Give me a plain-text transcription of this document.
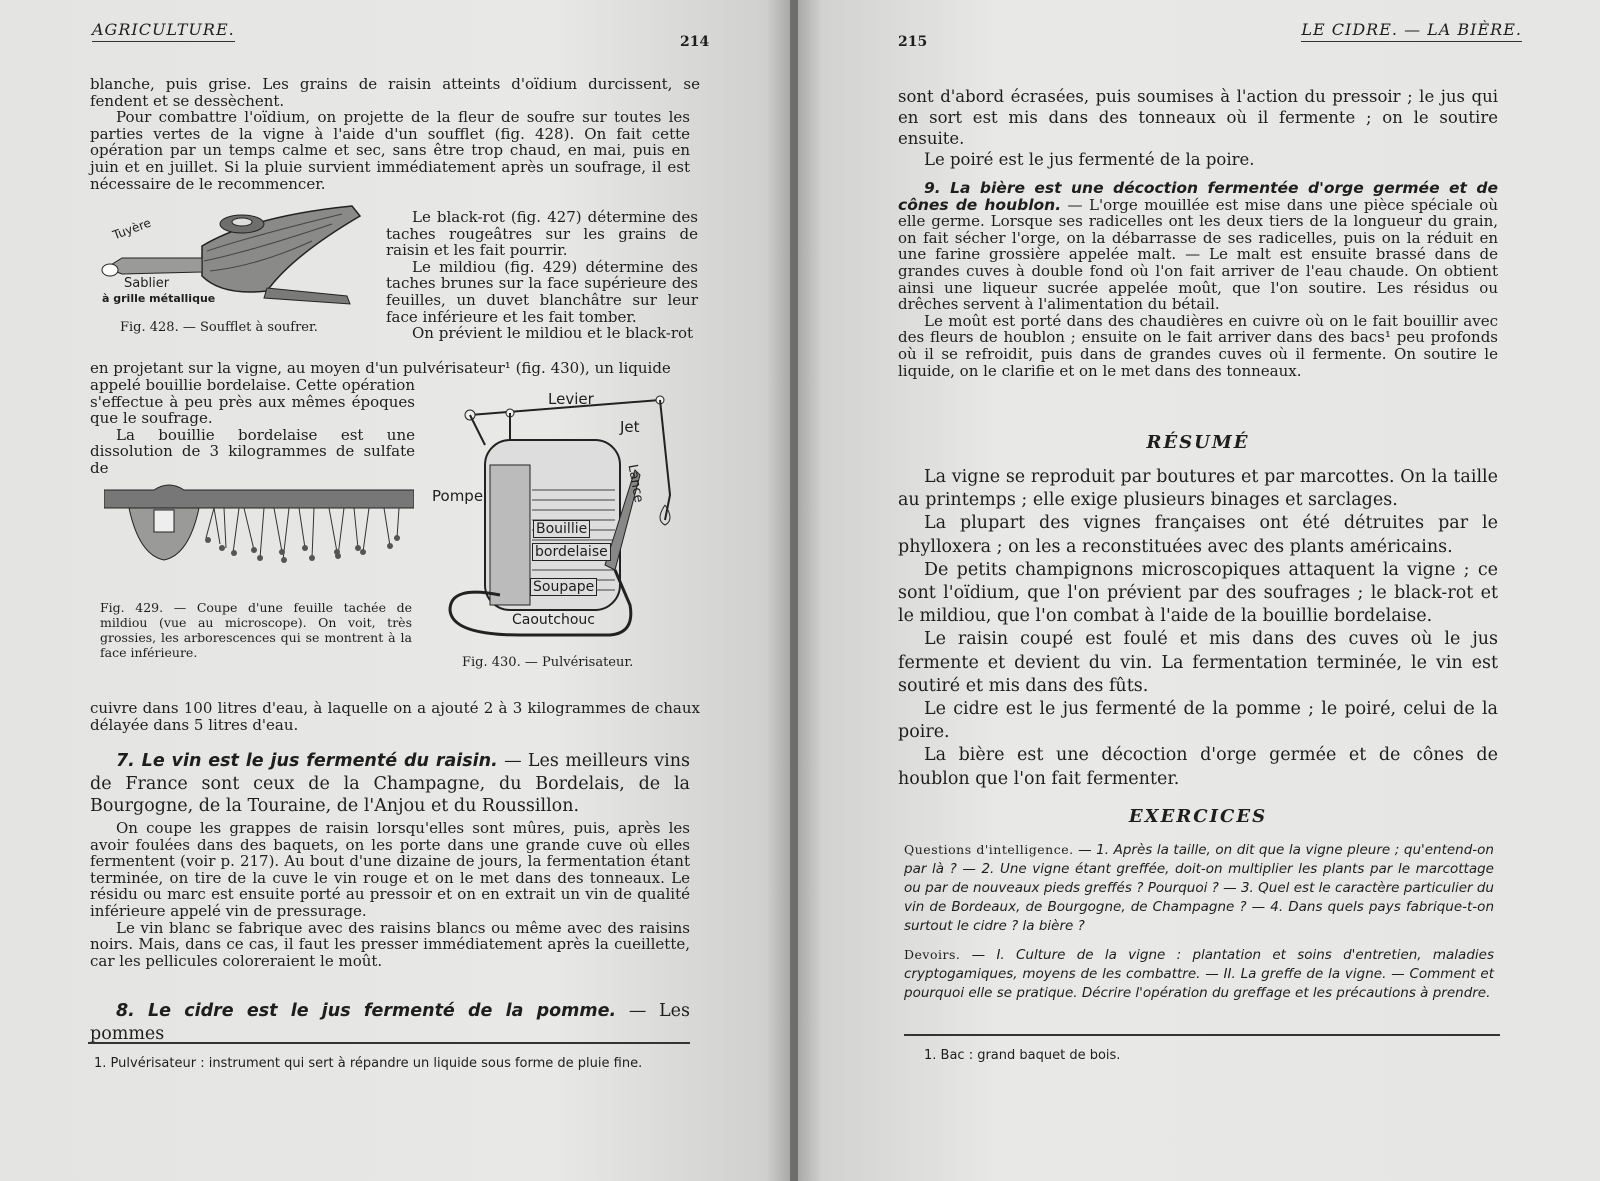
AGRICULTURE.
214

blanche, puis grise. Les grains de raisin atteints d'oïdium durcissent, se fendent et se dessèchent.

Pour combattre l'oïdium, on projette de la fleur de soufre sur toutes les parties vertes de la vigne à l'aide d'un soufflet (fig. 428). On fait cette opération par un temps calme et sec, sans être trop chaud, en mai, puis en juin et en juillet. Si la pluie survient immédiatement après un soufrage, il est nécessaire de le recommencer.

Tuyère
Sablier
à grille métallique
Fig. 428. — Soufflet à soufrer.

Le black-rot (fig. 427) détermine des taches rougeâtres sur les grains de raisin et les fait pourrir.

Le mildiou (fig. 429) détermine des taches brunes sur la face supérieure des feuilles, un duvet blanchâtre sur leur face inférieure et les fait tomber.

On prévient le mildiou et le black-rot

en projetant sur la vigne, au moyen d'un pulvérisateur¹ (fig. 430), un liquide

appelé bouillie bordelaise. Cette opération s'effectue à peu près aux mêmes époques que le soufrage.

La bouillie bordelaise est une dissolution de 3 kilogrammes de sulfate de

Fig. 429. — Coupe d'une feuille tachée de mildiou (vue au microscope). On voit, très grossies, les arborescences qui se montrent à la face inférieure.
Levier
Jet
Pompe	Lance
Bouillie
bordelaise
Soupape
Caoutchouc
Fig. 430. — Pulvérisateur.

cuivre dans 100 litres d'eau, à laquelle on a ajouté 2 à 3 kilogrammes de chaux délayée dans 5 litres d'eau.

7. Le vin est le jus fermenté du raisin. — Les meilleurs vins de France sont ceux de la Champagne, du Bordelais, de la Bourgogne, de la Touraine, de l'Anjou et du Roussillon.

On coupe les grappes de raisin lorsqu'elles sont mûres, puis, après les avoir foulées dans des baquets, on les porte dans une grande cuve où elles fermentent (voir p. 217). Au bout d'une dizaine de jours, la fermentation étant terminée, on tire de la cuve le vin rouge et on le met dans des tonneaux. Le résidu ou marc est ensuite porté au pressoir et on en extrait un vin de qualité inférieure appelé vin de pressurage.

Le vin blanc se fabrique avec des raisins blancs ou même avec des raisins noirs. Mais, dans ce cas, il faut les presser immédiatement après la cueillette, car les pellicules coloreraient le moût.

8. Le cidre est le jus fermenté de la pomme. — Les pommes

1. Pulvérisateur : instrument qui sert à répandre un liquide sous forme de pluie fine.
215
LE CIDRE. — LA BIÈRE.

sont d'abord écrasées, puis soumises à l'action du pressoir ; le jus qui en sort est mis dans des tonneaux où il fermente ; on le soutire ensuite.

Le poiré est le jus fermenté de la poire.

9. La bière est une décoction fermentée d'orge germée et de cônes de houblon. — L'orge mouillée est mise dans une pièce spéciale où elle germe. Lorsque ses radicelles ont les deux tiers de la longueur du grain, on fait sécher l'orge, on la débarrasse de ses radicelles, puis on la réduit en une farine grossière appelée malt. — Le malt est ensuite brassé dans de grandes cuves à double fond où l'on fait arriver de l'eau chaude. On obtient ainsi une liqueur sucrée appelée moût, que l'on soutire. Les résidus ou drêches servent à l'alimentation du bétail.

Le moût est porté dans des chaudières en cuivre où on le fait bouillir avec des fleurs de houblon ; ensuite on le fait arriver dans des bacs¹ peu profonds où il se refroidit, puis dans de grandes cuves où il fermente. On soutire le liquide, on le clarifie et on le met dans des tonneaux.

RÉSUMÉ

La vigne se reproduit par boutures et par marcottes. On la taille au printemps ; elle exige plusieurs binages et sarclages.

La plupart des vignes françaises ont été détruites par le phylloxera ; on les a reconstituées avec des plants américains.

De petits champignons microscopiques attaquent la vigne ; ce sont l'oïdium, que l'on prévient par des soufrages ; le black-rot et le mildiou, que l'on combat à l'aide de la bouillie bordelaise.

Le raisin coupé est foulé et mis dans des cuves où le jus fermente et devient du vin. La fermentation terminée, le vin est soutiré et mis dans des fûts.

Le cidre est le jus fermenté de la pomme ; le poiré, celui de la poire.

La bière est une décoction d'orge germée et de cônes de houblon que l'on fait fermenter.

EXERCICES
Questions d'intelligence. — 1. Après la taille, on dit que la vigne pleure ; qu'entend-on par là ? — 2. Une vigne étant greffée, doit-on multiplier les plants par le marcottage ou par de nouveaux pieds greffés ? Pourquoi ? — 3. Quel est le caractère particulier du vin de Bordeaux, de Bourgogne, de Champagne ? — 4. Dans quels pays fabrique-t-on surtout le cidre ? la bière ?
Devoirs. — I. Culture de la vigne : plantation et soins d'entretien, maladies cryptogamiques, moyens de les combattre. — II. La greffe de la vigne. — Comment et pourquoi elle se pratique. Décrire l'opération du greffage et les précautions à prendre.
1. Bac : grand baquet de bois.
